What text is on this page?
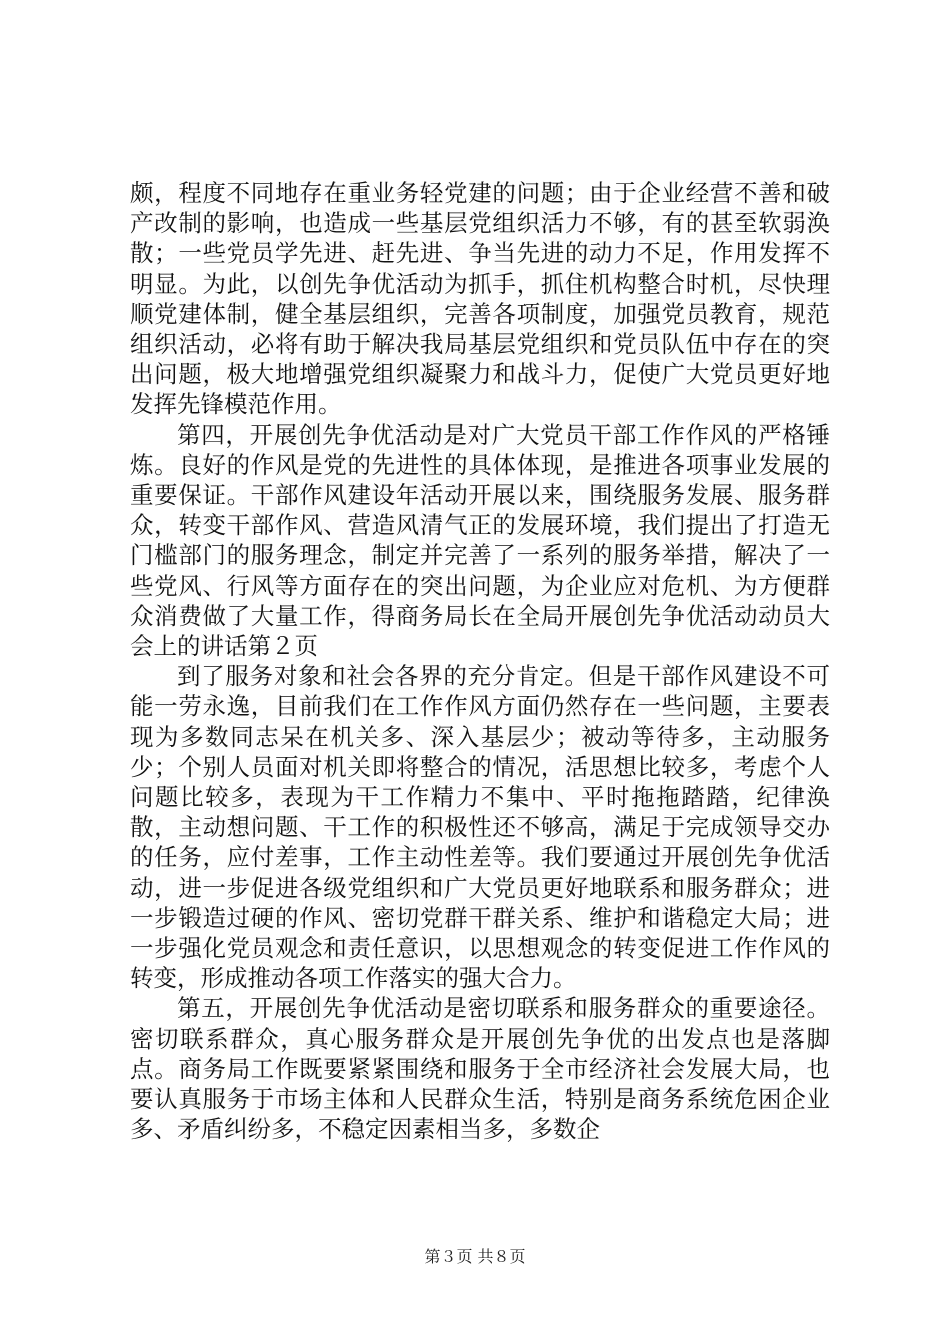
颇，程度不同地存在重业务轻党建的问题；由于企业经营不善和破产改制的影响，也造成一些基层党组织活力不够，有的甚至软弱涣散；一些党员学先进、赶先进、争当先进的动力不足，作用发挥不明显。为此，以创先争优活动为抓手，抓住机构整合时机，尽快理顺党建体制，健全基层组织，完善各项制度，加强党员教育，规范组织活动，必将有助于解决我局基层党组织和党员队伍中存在的突出问题，极大地增强党组织凝聚力和战斗力，促使广大党员更好地发挥先锋模范作用。

第四，开展创先争优活动是对广大党员干部工作作风的严格锤炼。良好的作风是党的先进性的具体体现，是推进各项事业发展的重要保证。干部作风建设年活动开展以来，围绕服务发展、服务群众，转变干部作风、营造风清气正的发展环境，我们提出了打造无门槛部门的服务理念，制定并完善了一系列的服务举措，解决了一些党风、行风等方面存在的突出问题，为企业应对危机、为方便群众消费做了大量工作，得商务局长在全局开展创先争优活动动员大会上的讲话第２页

到了服务对象和社会各界的充分肯定。但是干部作风建设不可能一劳永逸，目前我们在工作作风方面仍然存在一些问题，主要表现为多数同志呆在机关多、深入基层少；被动等待多，主动服务少；个别人员面对机关即将整合的情况，活思想比较多，考虑个人问题比较多，表现为干工作精力不集中、平时拖拖踏踏，纪律涣散，主动想问题、干工作的积极性还不够高，满足于完成领导交办的任务，应付差事，工作主动性差等。我们要通过开展创先争优活动，进一步促进各级党组织和广大党员更好地联系和服务群众；进一步锻造过硬的作风、密切党群干群关系、维护和谐稳定大局；进一步强化党员观念和责任意识，以思想观念的转变促进工作作风的转变，形成推动各项工作落实的强大合力。

第五，开展创先争优活动是密切联系和服务群众的重要途径。密切联系群众，真心服务群众是开展创先争优的出发点也是落脚点。商务局工作既要紧紧围绕和服务于全市经济社会发展大局，也要认真服务于市场主体和人民群众生活，特别是商务系统危困企业多、矛盾纠纷多，不稳定因素相当多，多数企

第３页 共８页
